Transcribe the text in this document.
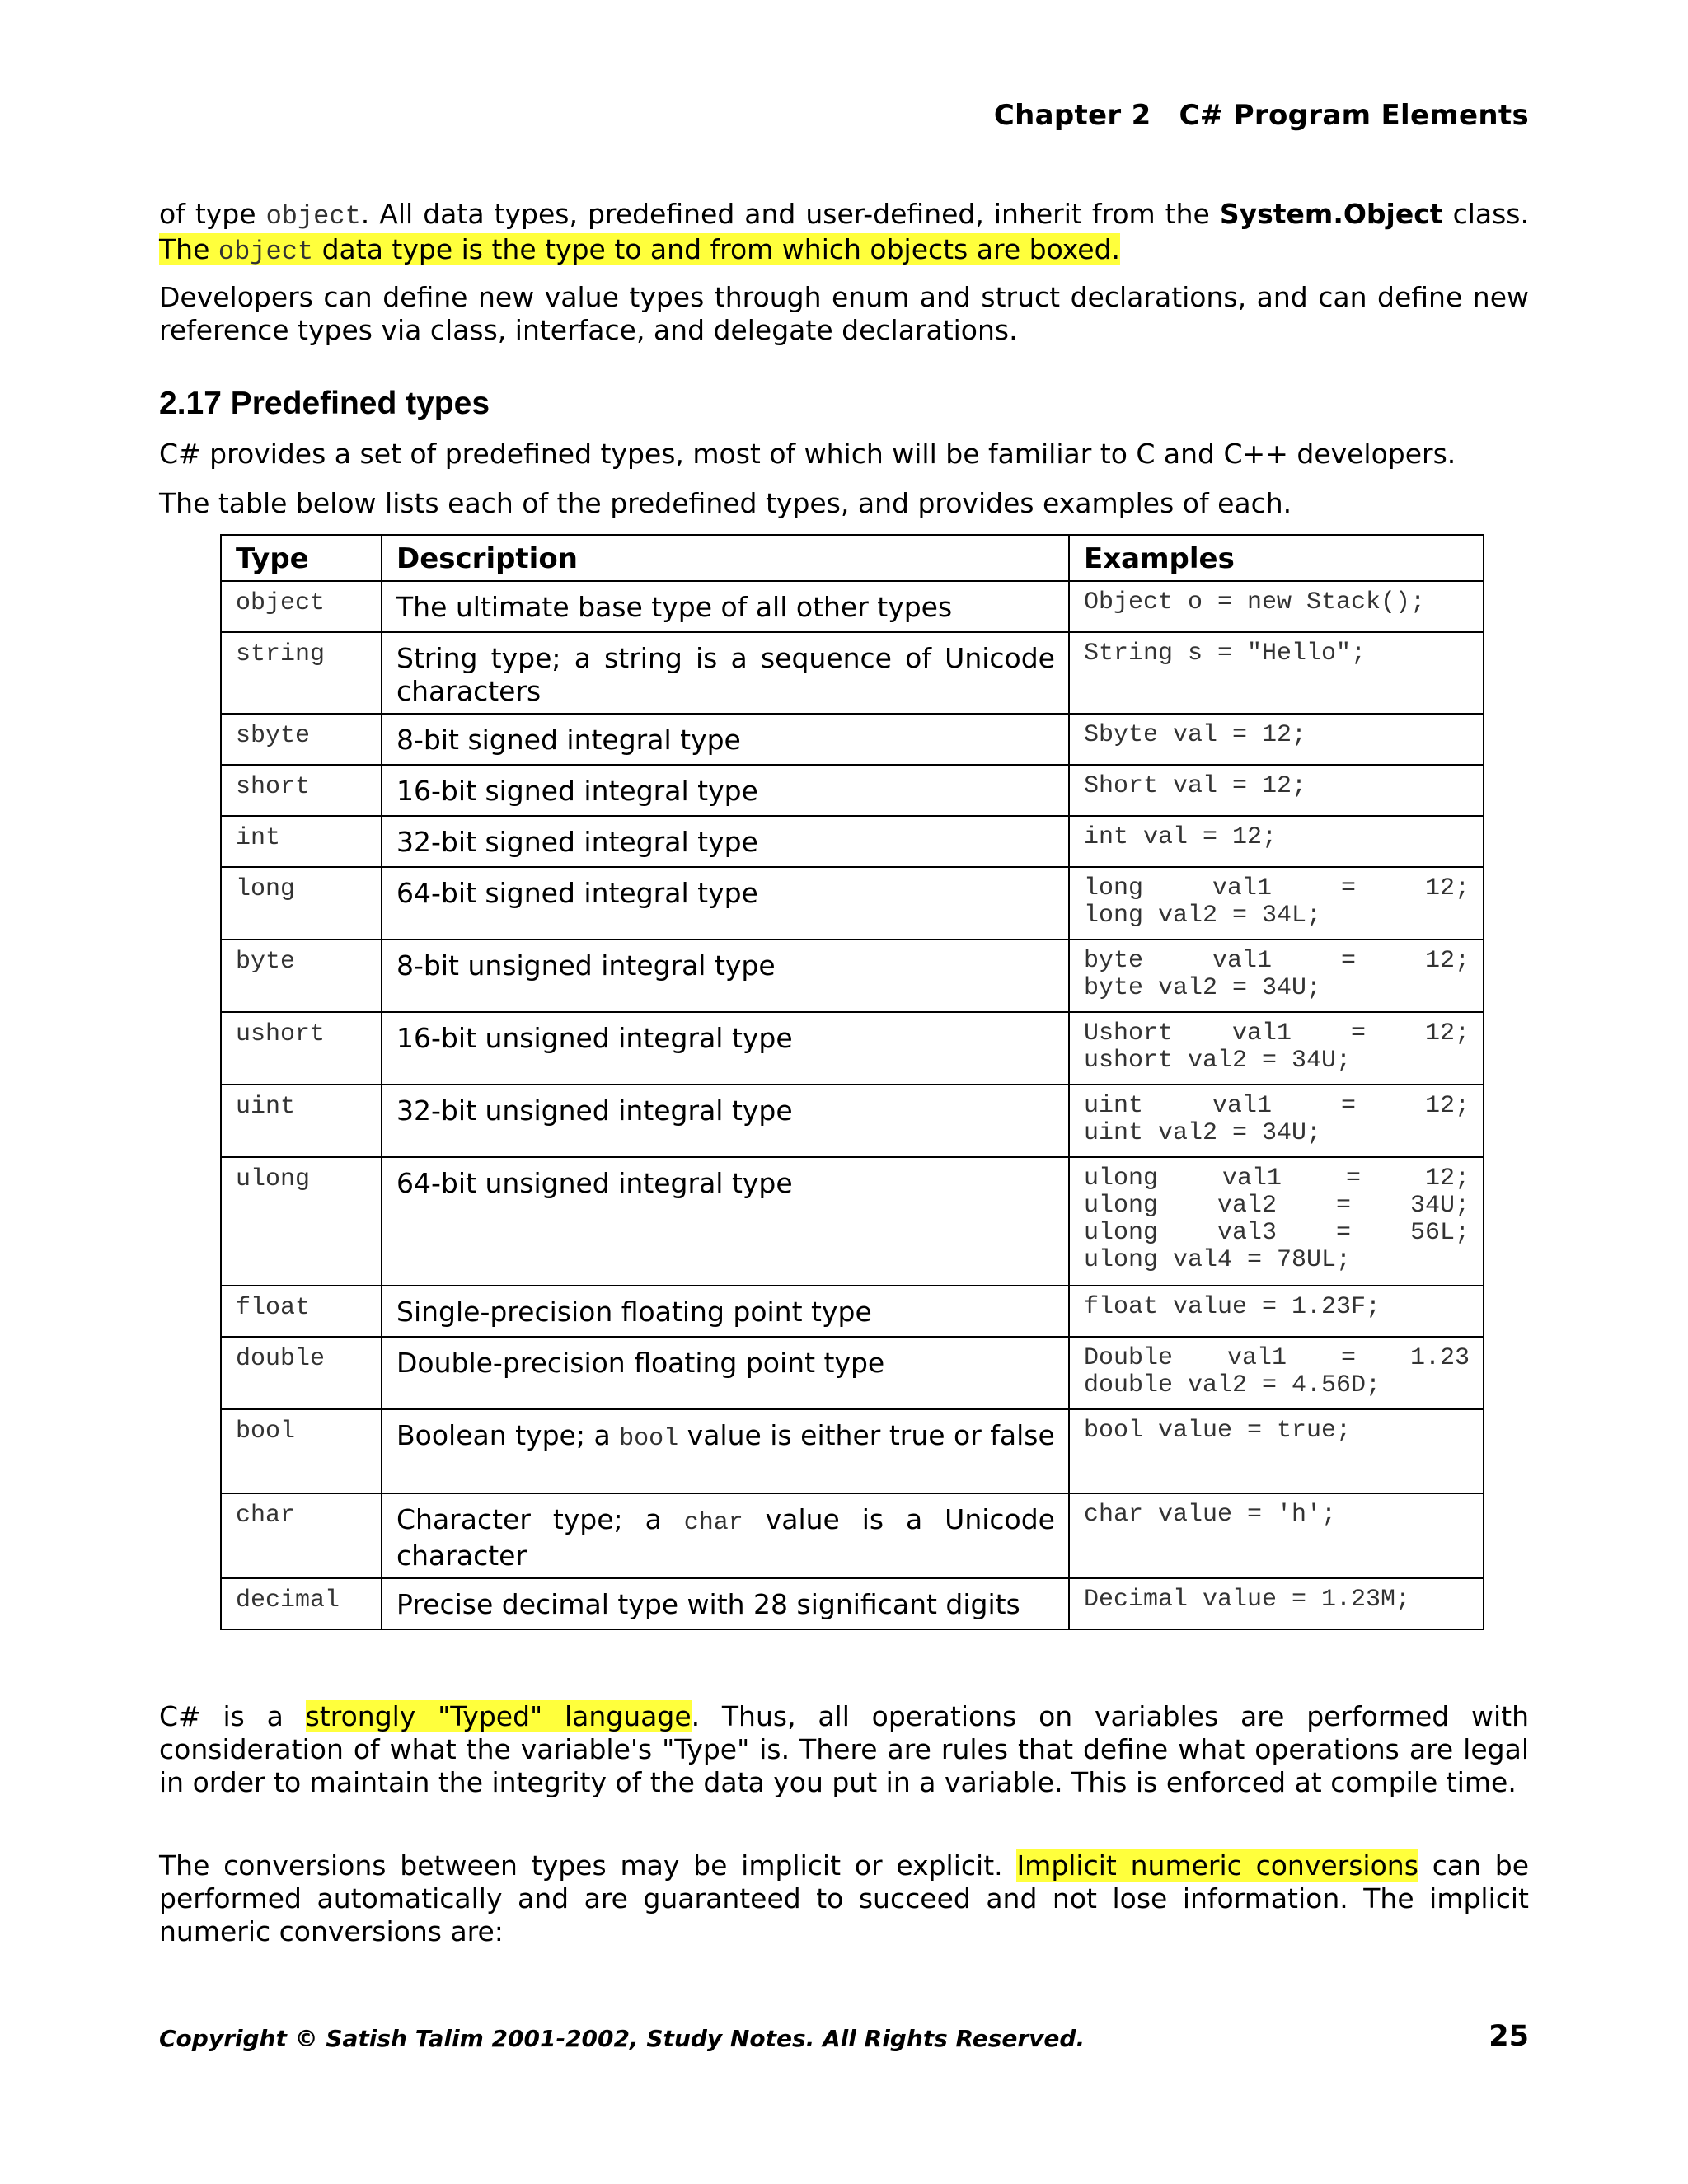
Chapter 2 C# Program Elements

of type object. All data types, predefined and user-defined, inherit from the System.Object class. The object data type is the type to and from which objects are boxed.

Developers can define new value types through enum and struct declarations, and can define new reference types via class, interface, and delegate declarations.

2.17 Predefined types

C# provides a set of predefined types, most of which will be familiar to C and C++ developers.

The table below lists each of the predefined types, and provides examples of each.

Type	Description	Examples
object	The ultimate base type of all other types	Object o = new Stack();

string	String type; a string is a sequence of Unicode characters	String s = "Hello";

sbyte	8-bit signed integral type	Sbyte val = 12;

short	16-bit signed integral type	Short val = 12;

int	32-bit signed integral type	int val = 12;

long	64-bit signed integral type	long val1 = 12;
long val2 = 34L;

byte	8-bit unsigned integral type	byte val1 = 12;
byte val2 = 34U;

ushort	16-bit unsigned integral type	Ushort val1 = 12;
ushort val2 = 34U;

uint	32-bit unsigned integral type	uint val1 = 12;
uint val2 = 34U;

ulong	64-bit unsigned integral type	ulong val1 = 12;
ulong val2 = 34U;
ulong val3 = 56L;
ulong val4 = 78UL;

float	Single-precision floating point type	float value = 1.23F;

double	Double-precision floating point type	Double val1 = 1.23
double val2 = 4.56D;

bool	Boolean type; a bool value is either true or false	bool value = true;

char	Character type; a char value is a Unicode character	char value = 'h';

decimal	Precise decimal type with 28 significant digits	Decimal value = 1.23M;

C# is a strongly "Typed" language. Thus, all operations on variables are performed with consideration of what the variable's "Type" is. There are rules that define what operations are legal in order to maintain the integrity of the data you put in a variable. This is enforced at compile time.

The conversions between types may be implicit or explicit. Implicit numeric conversions can be performed automatically and are guaranteed to succeed and not lose information. The implicit numeric conversions are:

Copyright © Satish Talim 2001-2002, Study Notes. All Rights Reserved.	25
